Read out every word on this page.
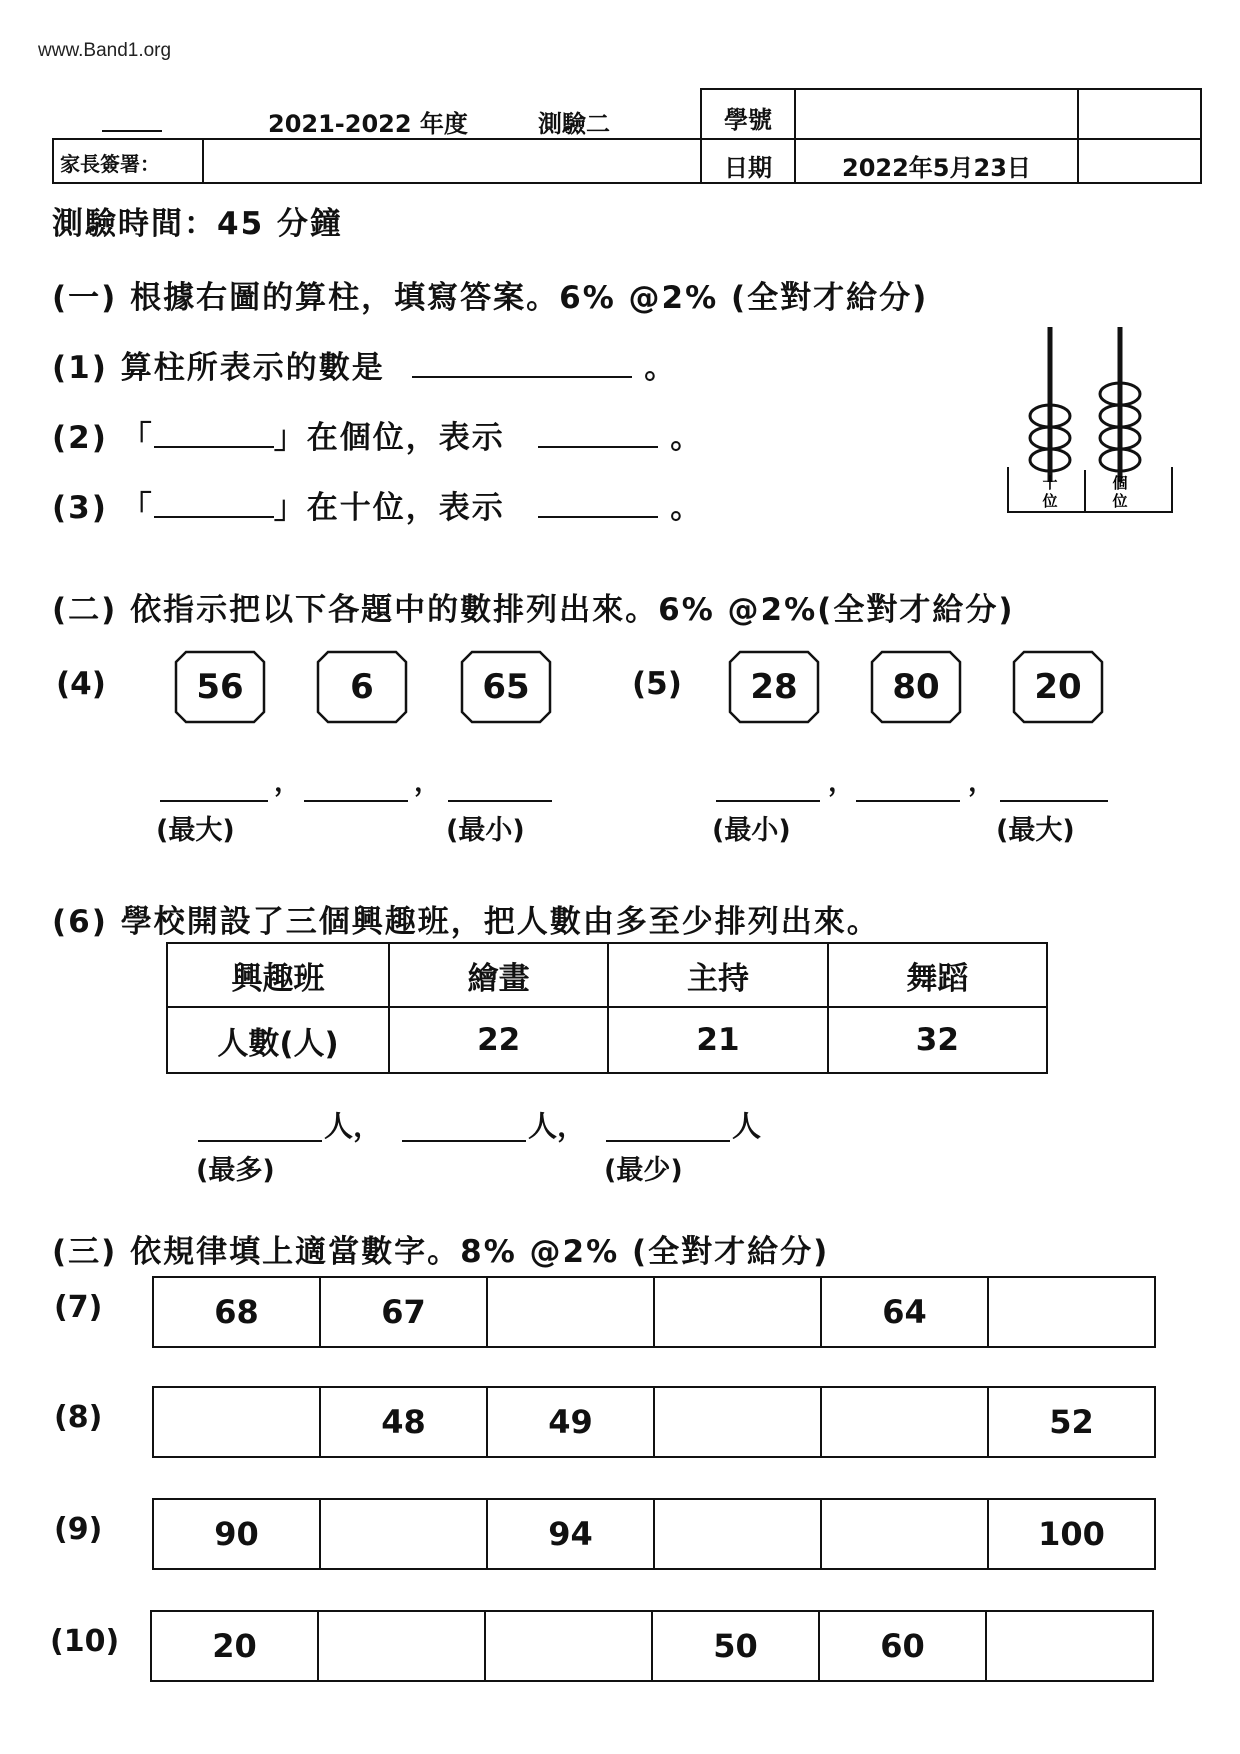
www.Band1.org
2021-2022 年度	測驗二	學號
家長簽署：	日期	2022年5月23日
測驗時間：45 分鐘
(一) 根據右圖的算柱，填寫答案。6% @2% (全對才給分)
(1) 算柱所表示的數是	。
(2) 「	」在個位，表示	。
(3) 「	」在十位，表示	。
十
位
個
位
(二) 依指示把以下各題中的數排列出來。6% @2%(全對才給分)
(4)	56	6	65	(5) 28	80	20
，	，
(最大)	(最小)
，	，
(最小)	(最大)
(6) 學校開設了三個興趣班，把人數由多至少排列出來。
興趣班	繪畫	主持	舞蹈
人數(人)	22	21	32
人，	人，	人
(最多)	(最少)
(三) 依規律填上適當數字。8% @2% (全對才給分)
(7)	68	67			64	
(8)
		48	49			52
(9)	90		94			100
(10)	20			50	60	
